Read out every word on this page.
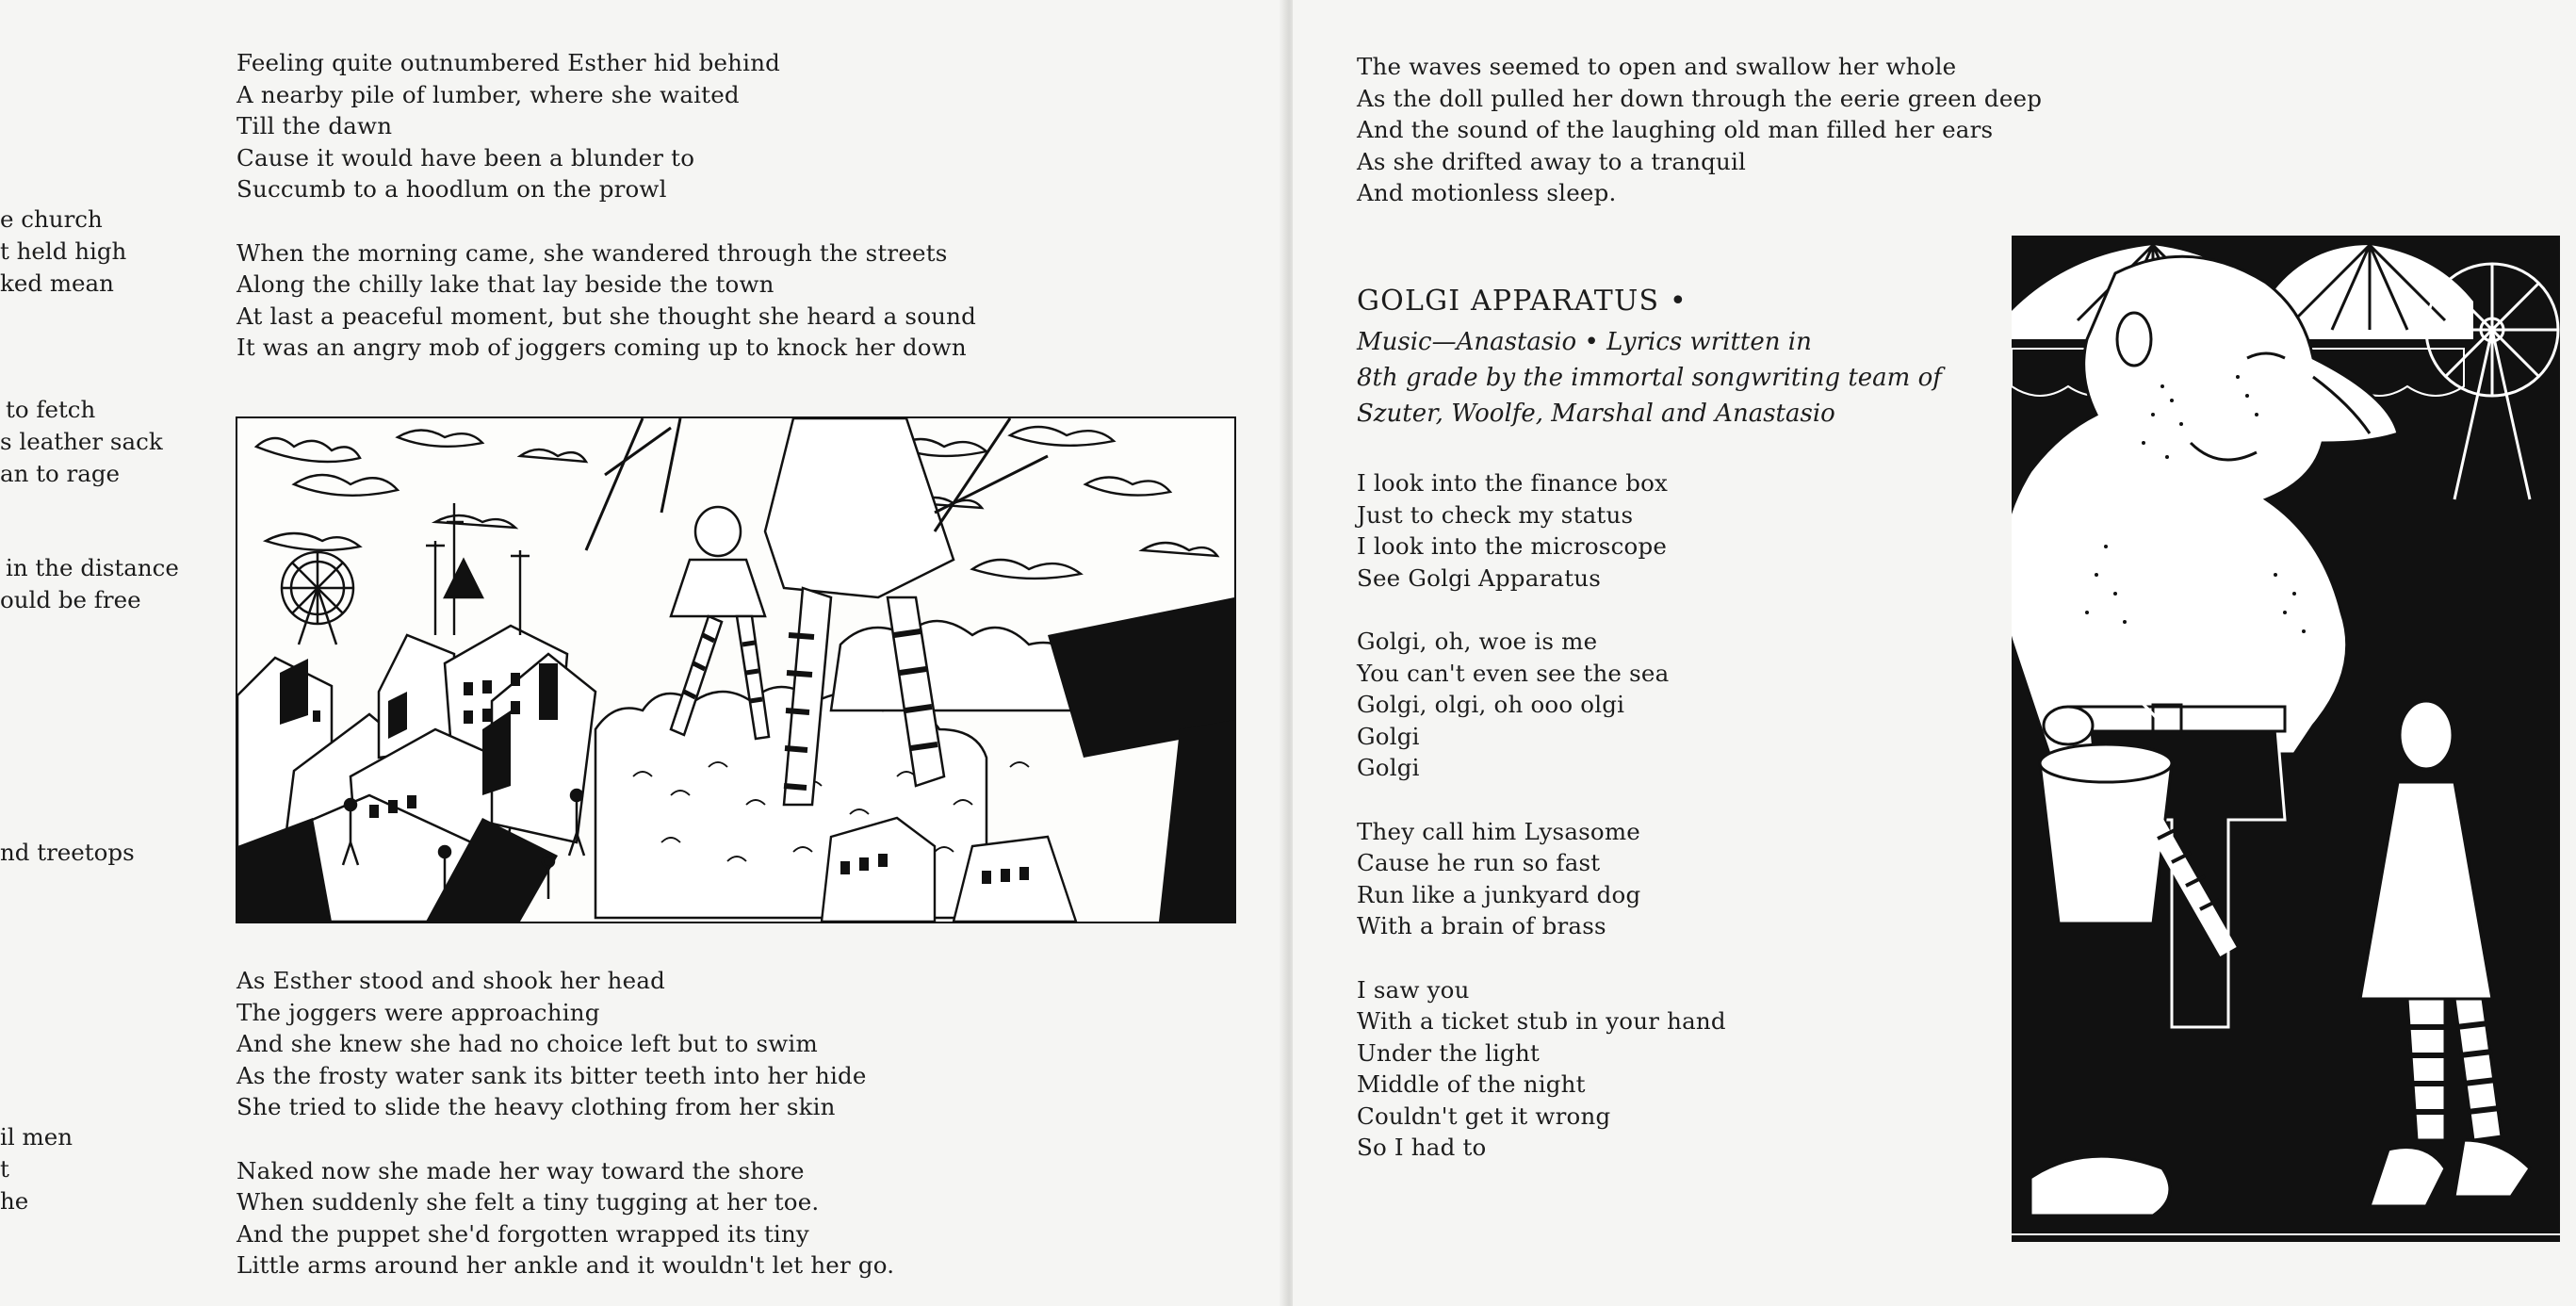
e church
t held high
ked mean
to fetch
s leather sack
an to rage
in the distance
ould be free
nd treetops
il men
t
he
Feeling quite outnumbered Esther hid behind
A nearby pile of lumber, where she waited
Till the dawn
Cause it would have been a blunder to
Succumb to a hoodlum on the prowl
When the morning came, she wandered through the streets
Along the chilly lake that lay beside the town
At last a peaceful moment, but she thought she heard a sound
It was an angry mob of joggers coming up to knock her down
As Esther stood and shook her head
The joggers were approaching
And she knew she had no choice left but to swim
As the frosty water sank its bitter teeth into her hide
She tried to slide the heavy clothing from her skin
Naked now she made her way toward the shore
When suddenly she felt a tiny tugging at her toe.
And the puppet she'd forgotten wrapped its tiny
Little arms around her ankle and it wouldn't let her go.
The waves seemed to open and swallow her whole
As the doll pulled her down through the eerie green deep
And the sound of the laughing old man filled her ears
As she drifted away to a tranquil
And motionless sleep.
GOLGI APPARATUS •
Music—Anastasio • Lyrics written in
8th grade by the immortal songwriting team of
Szuter, Woolfe, Marshal and Anastasio
I look into the finance box
Just to check my status
I look into the microscope
See Golgi Apparatus
Golgi, oh, woe is me
You can't even see the sea
Golgi, olgi, oh ooo olgi
Golgi
Golgi
They call him Lysasome
Cause he run so fast
Run like a junkyard dog
With a brain of brass
I saw you
With a ticket stub in your hand
Under the light
Middle of the night
Couldn't get it wrong
So I had to
